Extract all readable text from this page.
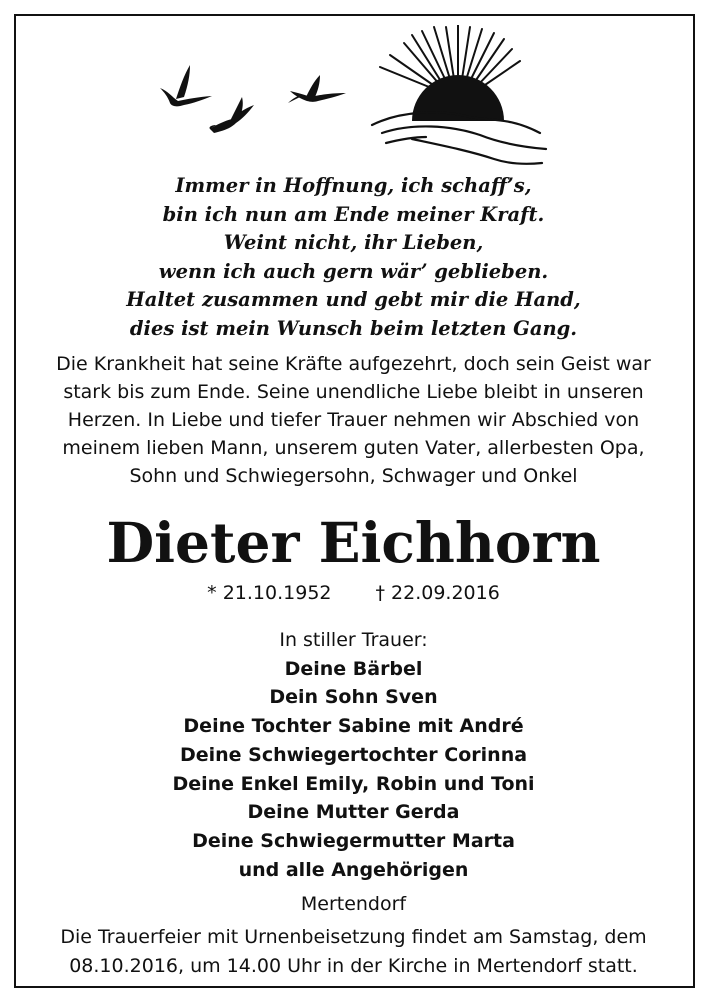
Immer in Hoffnung, ich schaff’s,
bin ich nun am Ende meiner Kraft.
Weint nicht, ihr Lieben,
wenn ich auch gern wär’ geblieben.
Haltet zusammen und gebt mir die Hand,
dies ist mein Wunsch beim letzten Gang.
Die Krankheit hat seine Kräfte aufgezehrt, doch sein Geist war
stark bis zum Ende. Seine unendliche Liebe bleibt in unseren
Herzen. In Liebe und tiefer Trauer nehmen wir Abschied von
meinem lieben Mann, unserem guten Vater, allerbesten Opa,
Sohn und Schwiegersohn, Schwager und Onkel
Dieter Eichhorn
* 21.10.1952 † 22.09.2016
In stiller Trauer:
Deine Bärbel
Dein Sohn Sven
Deine Tochter Sabine mit André
Deine Schwiegertochter Corinna
Deine Enkel Emily, Robin und Toni
Deine Mutter Gerda
Deine Schwiegermutter Marta
und alle Angehörigen
Mertendorf
Die Trauerfeier mit Urnenbeisetzung findet am Samstag, dem
08.10.2016, um 14.00 Uhr in der Kirche in Mertendorf statt.
